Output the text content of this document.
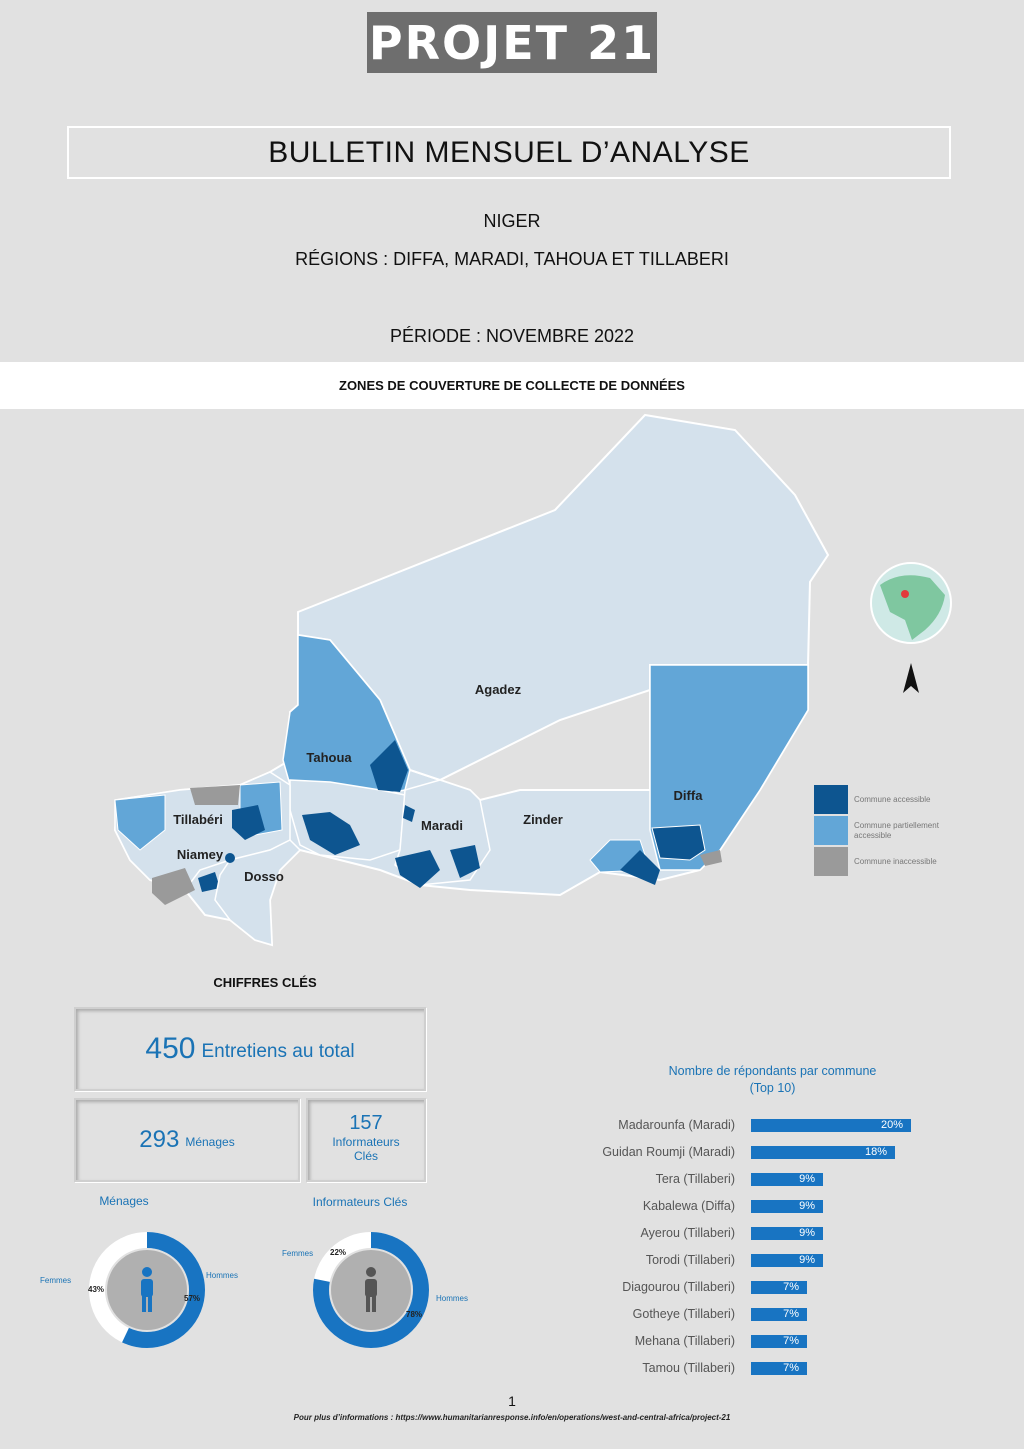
PROJET 21
BULLETIN MENSUEL D’ANALYSE
NIGER
RÉGIONS : DIFFA, MARADI, TAHOUA ET TILLABERI
PÉRIODE : NOVEMBRE 2022
ZONES DE COUVERTURE DE COLLECTE DE DONNÉES
Agadez
Tahoua
Diffa
Zinder
Maradi
Tillabéri
Niamey
Dosso
Commune accessible
Commune partiellement accessible
Commune inaccessible
CHIFFRES CLÉS
450 Entretiens au total
293 Ménages
157
Informateurs
Clés
Ménages	Informateurs Clés
Femmes
43%
Hommes
57%
Femmes 22%
Hommes
78%
Nombre de répondants par commune
(Top 10)
Madarounfa (Maradi)	20%
Guidan Roumji (Maradi)	18%
Tera (Tillaberi)	9%
Kabalewa (Diffa)	9%
Ayerou (Tillaberi)	9%
Torodi (Tillaberi)	9%
Diagourou (Tillaberi)	7%
Gotheye (Tillaberi)	7%
Mehana (Tillaberi)	7%
Tamou (Tillaberi)	7%
1
Pour plus d’informations : https://www.humanitarianresponse.info/en/operations/west-and-central-africa/project-21
